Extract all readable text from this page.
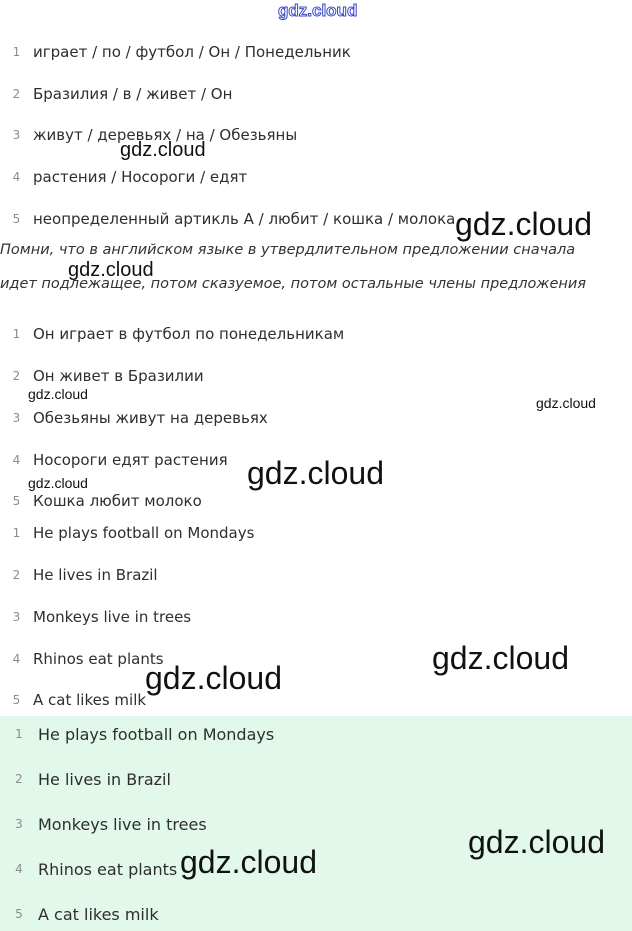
gdz.cloud
1 играет / по / футбол / Он / Понедельник
2 Бразилия / в / живет / Он
3 живут / деревьях / на / Обезьяны
4 растения / Носороги / едят
5 неопределенный артикль A / любит / кошка / молока
Помни, что в английском языке в утвердлительном предложении сначала
идет подлежащее, потом сказуемое, потом остальные члены предложения
1 Он играет в футбол по понедельникам
2 Он живет в Бразилии
3 Обезьяны живут на деревьях
4 Носороги едят растения
5 Кошка любит молоко
1 He plays football on Mondays
2 He lives in Brazil
3 Monkeys live in trees
4 Rhinos eat plants
5 A cat likes milk
1 He plays football on Mondays
2 He lives in Brazil
3 Monkeys live in trees
4 Rhinos eat plants
5 A cat likes milk
gdz.cloud
gdz.cloud
gdz.cloud
gdz.cloud
gdz.cloud
gdz.cloud
gdz.cloud
gdz.cloud
gdz.cloud
gdz.cloud
gdz.cloud
